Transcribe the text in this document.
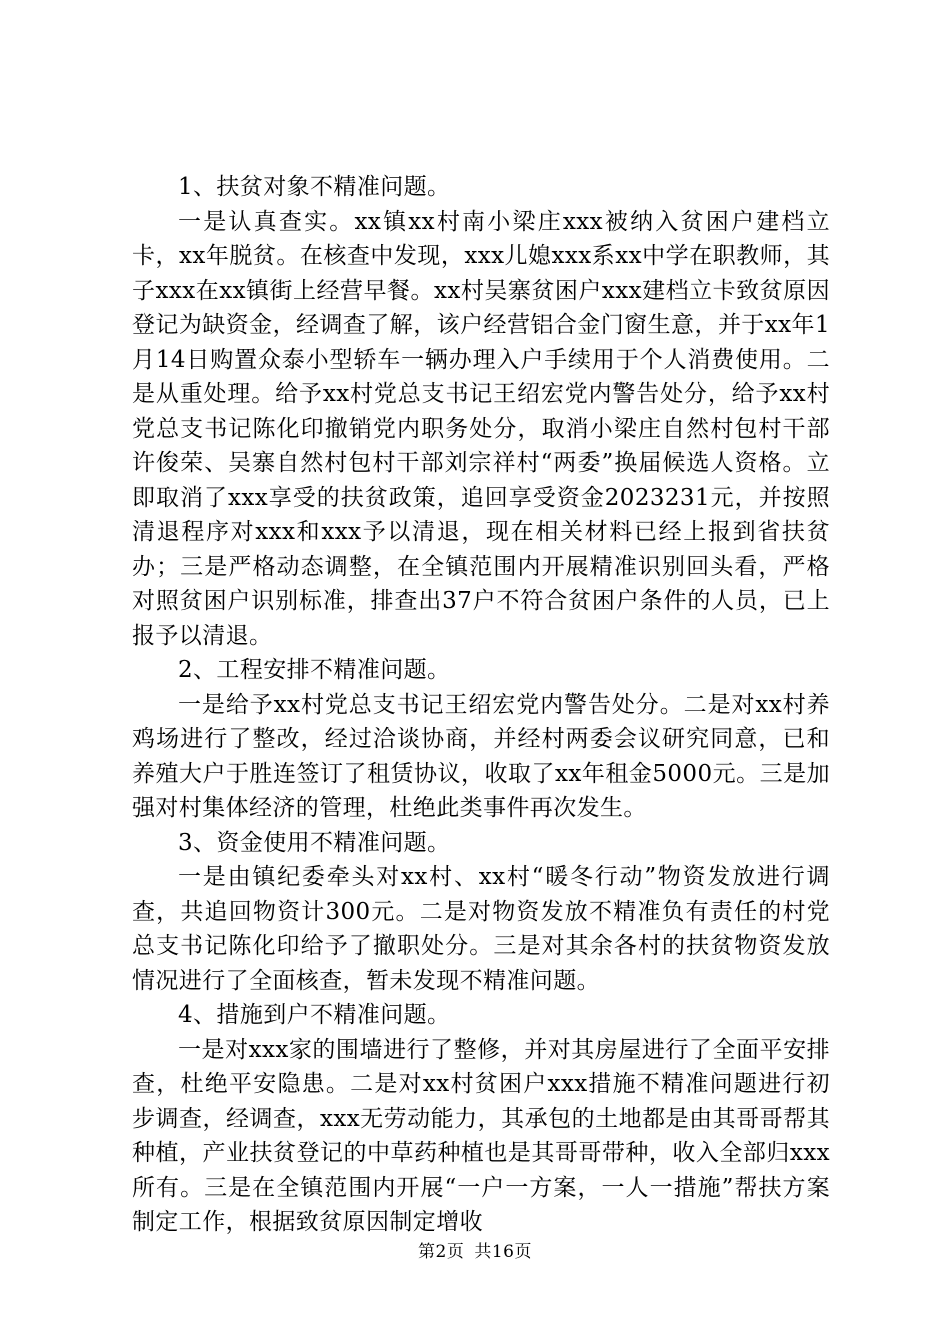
1、扶贫对象不精准问题。

一是认真查实。xx镇xx村南小梁庄xxx被纳入贫困户建档立卡，xx年脱贫。在核查中发现，xxx儿媳xxx系xx中学在职教师，其子xxx在xx镇街上经营早餐。xx村吴寨贫困户xxx建档立卡致贫原因登记为缺资金，经调查了解，该户经营铝合金门窗生意，并于xx年1月14日购置众泰小型轿车一辆办理入户手续用于个人消费使用。二是从重处理。给予xx村党总支书记王绍宏党内警告处分，给予xx村党总支书记陈化印撤销党内职务处分，取消小梁庄自然村包村干部许俊荣、吴寨自然村包村干部刘宗祥村“两委”换届候选人资格。立即取消了xxx享受的扶贫政策，追回享受资金2023231元，并按照清退程序对xxx和xxx予以清退，现在相关材料已经上报到省扶贫办；三是严格动态调整，在全镇范围内开展精准识别回头看，严格对照贫困户识别标准，排查出37户不符合贫困户条件的人员，已上报予以清退。

2、工程安排不精准问题。

一是给予xx村党总支书记王绍宏党内警告处分。二是对xx村养鸡场进行了整改，经过洽谈协商，并经村两委会议研究同意，已和养殖大户于胜连签订了租赁协议，收取了xx年租金5000元。三是加强对村集体经济的管理，杜绝此类事件再次发生。

3、资金使用不精准问题。

一是由镇纪委牵头对xx村、xx村“暖冬行动”物资发放进行调查，共追回物资计300元。二是对物资发放不精准负有责任的村党总支书记陈化印给予了撤职处分。三是对其余各村的扶贫物资发放情况进行了全面核查，暂未发现不精准问题。

4、措施到户不精准问题。

一是对xxx家的围墙进行了整修，并对其房屋进行了全面平安排查，杜绝平安隐患。二是对xx村贫困户xxx措施不精准问题进行初步调查，经调查，xxx无劳动能力，其承包的土地都是由其哥哥帮其种植，产业扶贫登记的中草药种植也是其哥哥带种，收入全部归xxx所有。三是在全镇范围内开展“一户一方案，一人一措施”帮扶方案制定工作，根据致贫原因制定增收

第2页 共16页
